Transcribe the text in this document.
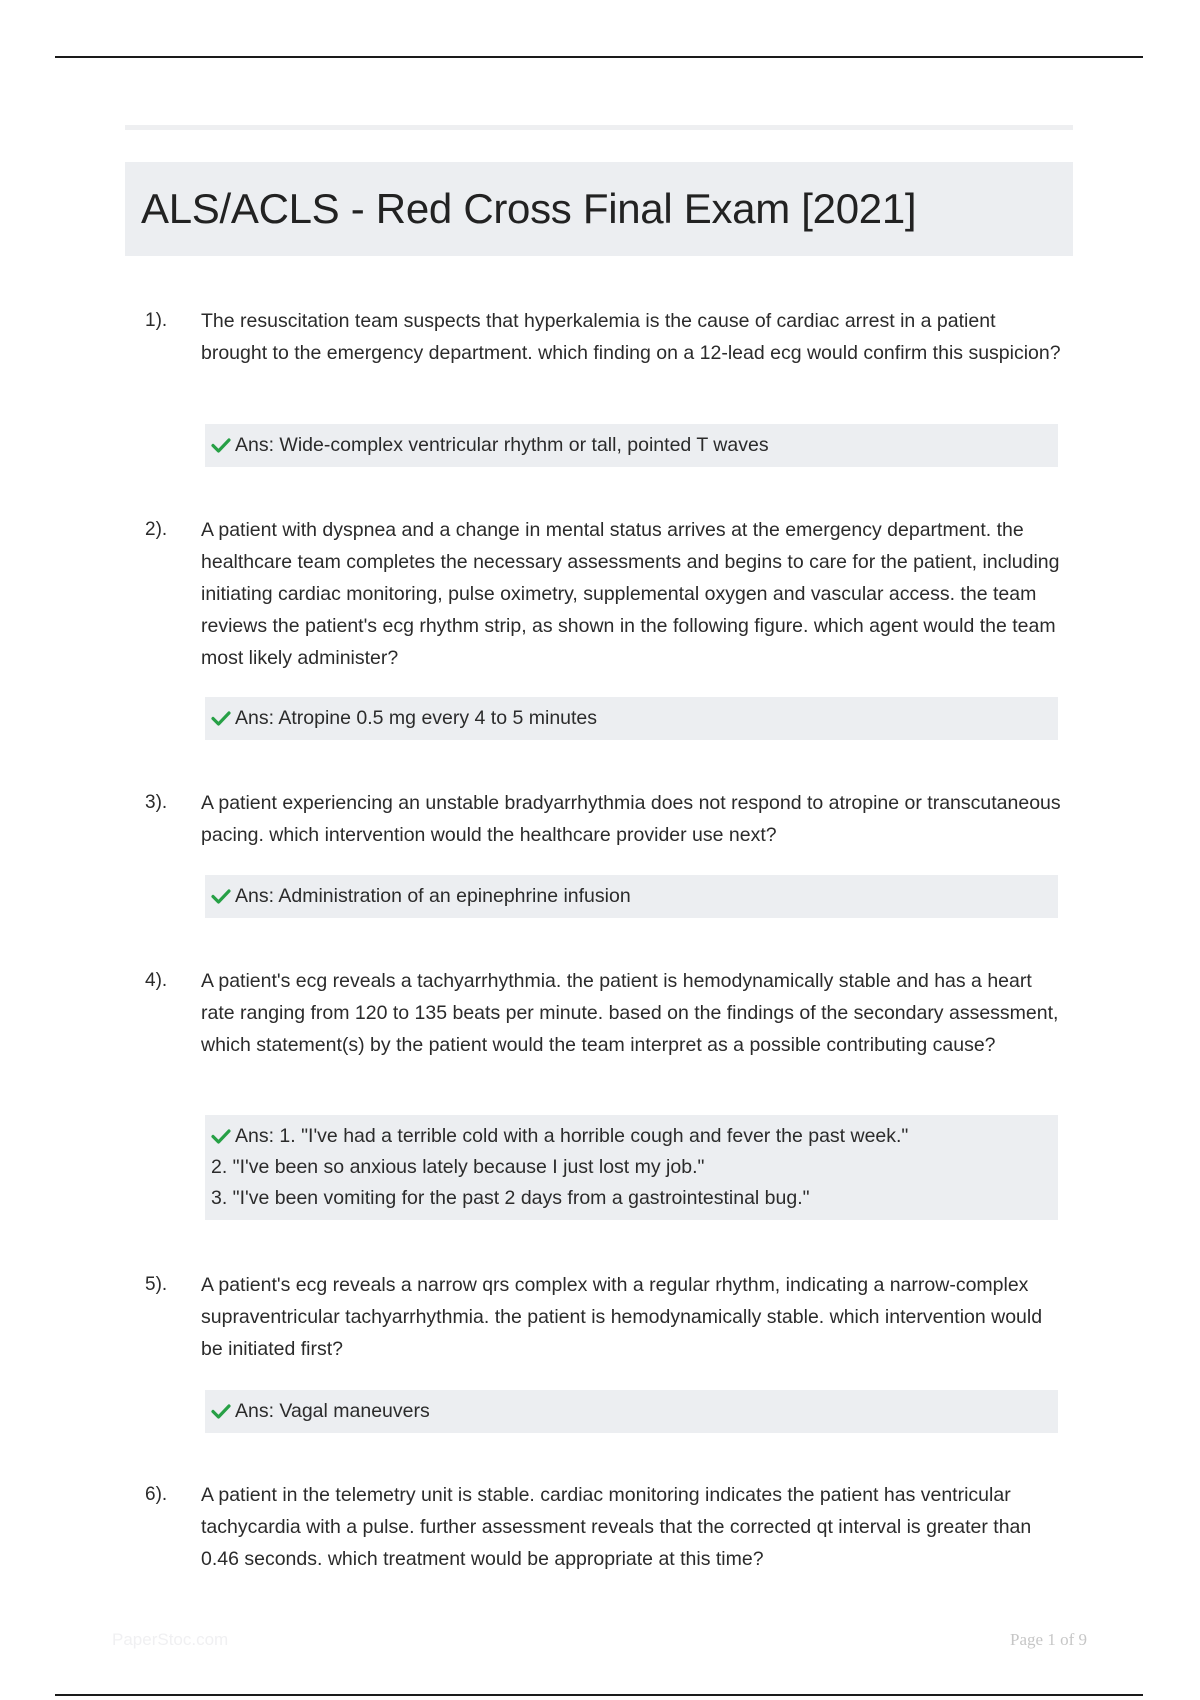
ALS/ACLS - Red Cross Final Exam [2021]
1). The resuscitation team suspects that hyperkalemia is the cause of cardiac arrest in a patient brought to the emergency department. which finding on a 12-lead ecg would confirm this suspicion?
Ans: Wide-complex ventricular rhythm or tall, pointed T waves
2). A patient with dyspnea and a change in mental status arrives at the emergency department. the healthcare team completes the necessary assessments and begins to care for the patient, including initiating cardiac monitoring, pulse oximetry, supplemental oxygen and vascular access. the team reviews the patient's ecg rhythm strip, as shown in the following figure. which agent would the team most likely administer?
Ans: Atropine 0.5 mg every 4 to 5 minutes
3). A patient experiencing an unstable bradyarrhythmia does not respond to atropine or transcutaneous pacing. which intervention would the healthcare provider use next?
Ans: Administration of an epinephrine infusion
4). A patient's ecg reveals a tachyarrhythmia. the patient is hemodynamically stable and has a heart rate ranging from 120 to 135 beats per minute. based on the findings of the secondary assessment, which statement(s) by the patient would the team interpret as a possible contributing cause?
Ans: 1. "I've had a terrible cold with a horrible cough and fever the past week."
2. "I've been so anxious lately because I just lost my job."
3. "I've been vomiting for the past 2 days from a gastrointestinal bug."
5). A patient's ecg reveals a narrow qrs complex with a regular rhythm, indicating a narrow-complex supraventricular tachyarrhythmia. the patient is hemodynamically stable. which intervention would be initiated first?
Ans: Vagal maneuvers
6). A patient in the telemetry unit is stable. cardiac monitoring indicates the patient has ventricular tachycardia with a pulse. further assessment reveals that the corrected qt interval is greater than 0.46 seconds. which treatment would be appropriate at this time?
PaperStoc.com	Page 1 of 9
